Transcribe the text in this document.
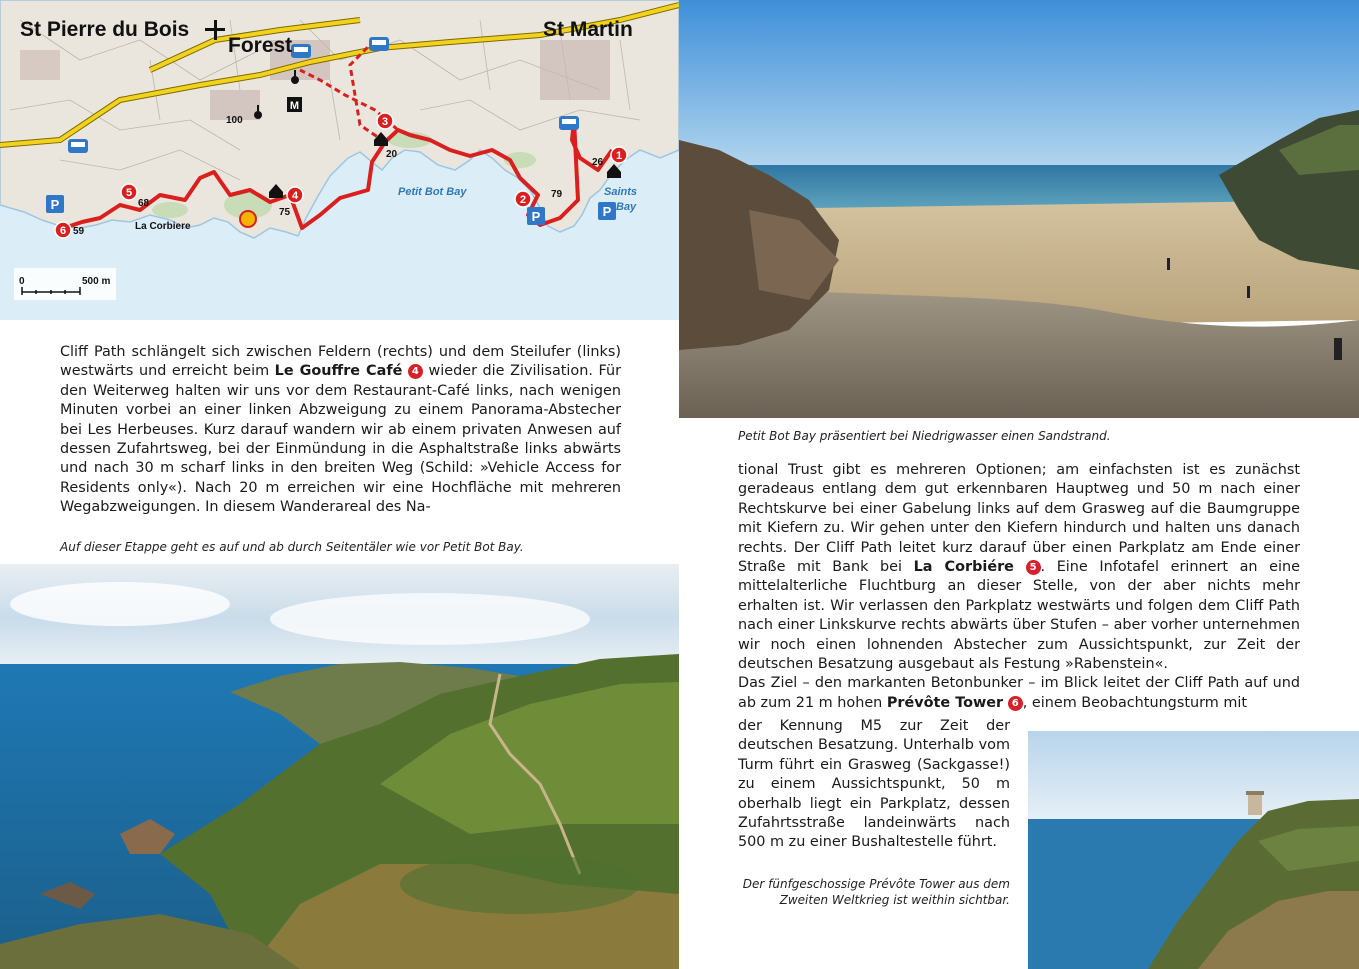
1
2
3
4
5
6
P
P	P
M
St Pierre du Bois
Forest
St Martin
La Corbiere
Petit Bot Bay	Saints
Bay
100
20
26
79
75
68
59
0	500 m

Cliff Path schlängelt sich zwischen Feldern (rechts) und dem Steilufer (links) westwärts und erreicht beim Le Gouffre Café 4 wieder die Zivilisation. Für den Weiterweg halten wir uns vor dem Restaurant-Café links, nach wenigen Minuten vorbei an einer linken Abzweigung zu einem Panorama-Abstecher bei Les Herbeuses. Kurz darauf wandern wir ab einem privaten Anwesen auf dessen Zufahrtsweg, bei der Einmündung in die Asphaltstraße links abwärts und nach 30 m scharf links in den breiten Weg (Schild: »Vehicle Access for Residents only«). Nach 20 m erreichen wir eine Hochfläche mit mehreren Wegabzweigungen. In diesem Wanderareal des Na-

Auf dieser Etappe geht es auf und ab durch Seitentäler wie vor Petit Bot Bay.
Petit Bot Bay präsentiert bei Niedrigwasser einen Sandstrand.

tional Trust gibt es mehreren Optionen; am einfachsten ist es zunächst geradeaus entlang dem gut erkennbaren Hauptweg und 50 m nach einer Rechtskurve bei einer Gabelung links auf dem Grasweg auf die Baumgruppe mit Kiefern zu. Wir gehen unter den Kiefern hindurch und halten uns danach rechts. Der Cliff Path leitet kurz darauf über einen Parkplatz am Ende einer Straße mit Bank bei La Corbiére 5 . Eine Infotafel erinnert an eine mittelalterliche Fluchtburg an dieser Stelle, von der aber nichts mehr erhalten ist. Wir verlassen den Parkplatz westwärts und folgen dem Cliff Path nach einer Linkskurve rechts abwärts über Stufen – aber vorher unternehmen wir noch einen lohnenden Abstecher zum Aussichtspunkt, zur Zeit der deutschen Besatzung ausgebaut als Festung »Rabenstein«.

Das Ziel – den markanten Betonbunker – im Blick leitet der Cliff Path auf und ab zum 21 m hohen Prévôte Tower 6 , einem Beobachtungsturm mit

der Kennung M5 zur Zeit der deutschen Besatzung. Unterhalb vom Turm führt ein Grasweg (Sackgasse!) zu einem Aussichtspunkt, 50 m oberhalb liegt ein Parkplatz, dessen Zufahrtsstraße landeinwärts nach 500 m zu einer Bushaltestelle führt.

Der fünfgeschossige Prévôte Tower aus dem Zweiten Weltkrieg ist weithin sichtbar.
